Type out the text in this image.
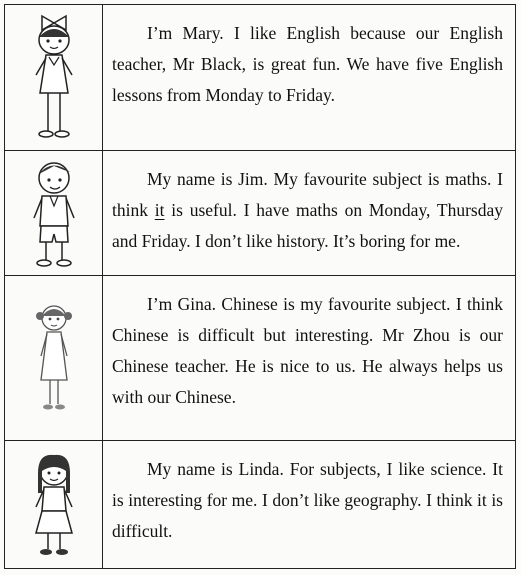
I’m Mary. I like English because our English teacher, Mr Black, is great fun. We have five English lessons from Monday to Friday.

My name is Jim. My favourite subject is maths. I think it is useful. I have maths on Monday, Thursday and Friday. I don’t like history. It’s boring for me.

I’m Gina. Chinese is my favourite subject. I think Chinese is difficult but interesting. Mr Zhou is our Chinese teacher. He is nice to us. He always helps us with our Chinese.

My name is Linda. For subjects, I like science. It is interesting for me. I don’t like geography. I think it is difficult.
